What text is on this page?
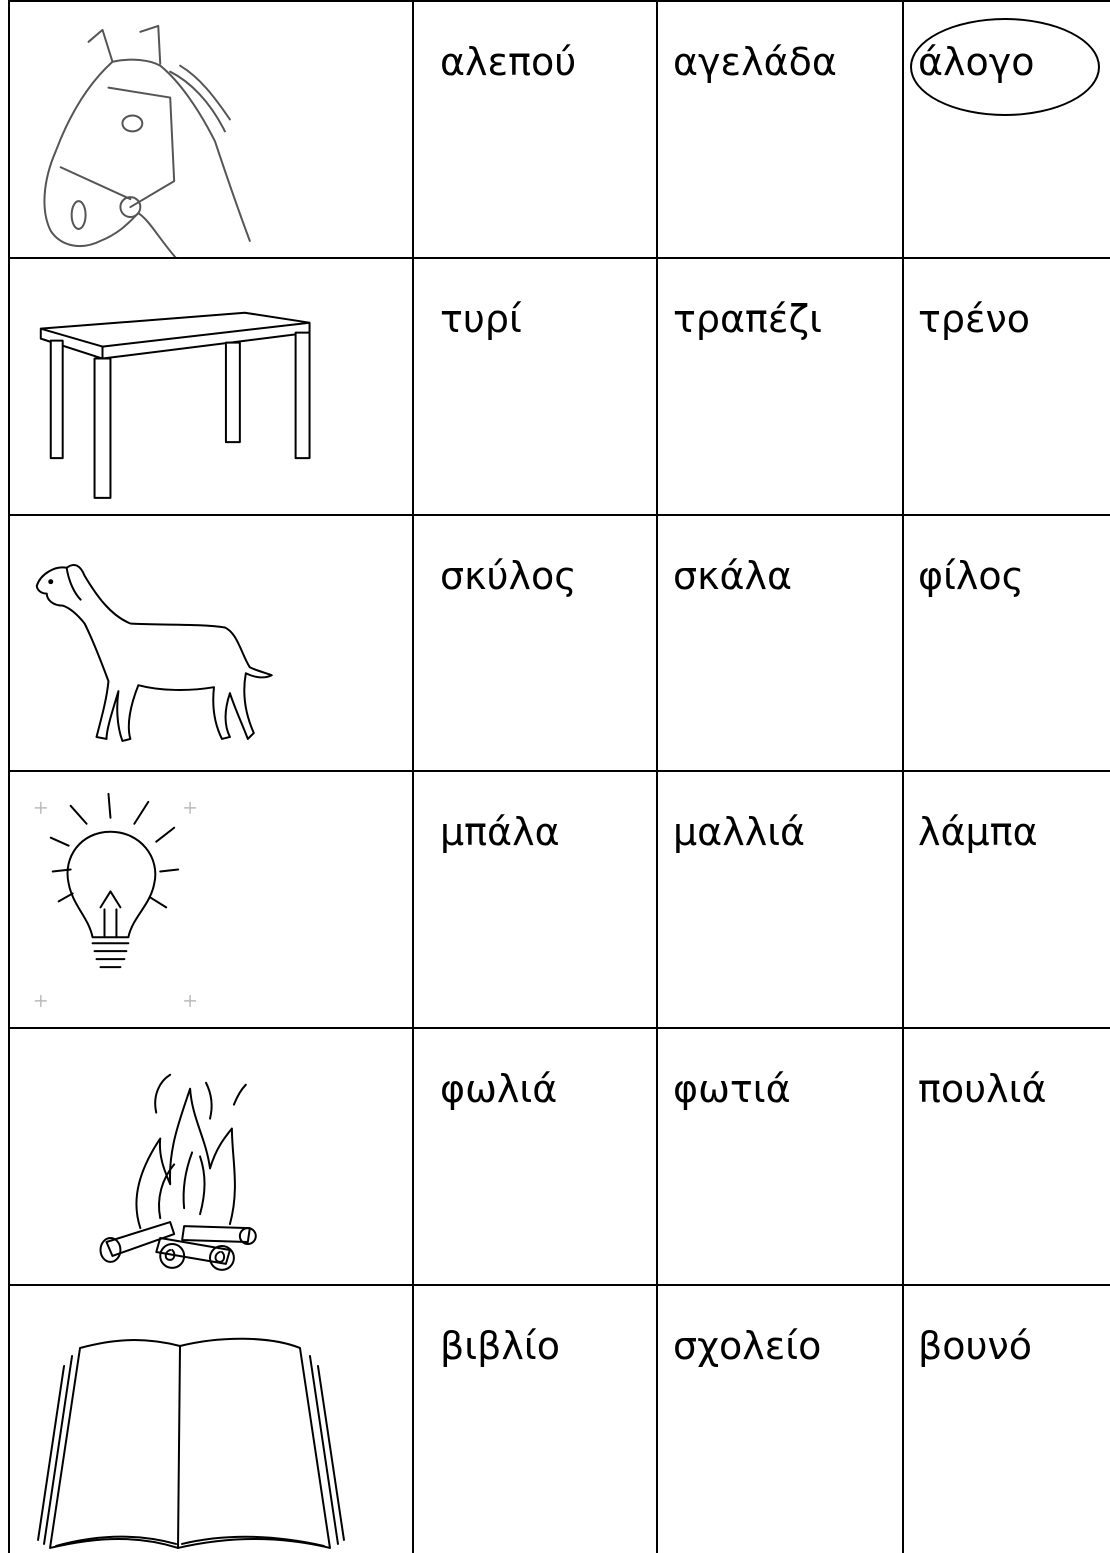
αλεπού	αγελάδα	άλογο

τυρί	τραπέζι	τρένο

σκύλος	σκάλα	φίλος

μπάλα	μαλλιά	λάμπα

φωλιά	φωτιά	πουλιά

βιβλίο	σχολείο	βουνό
